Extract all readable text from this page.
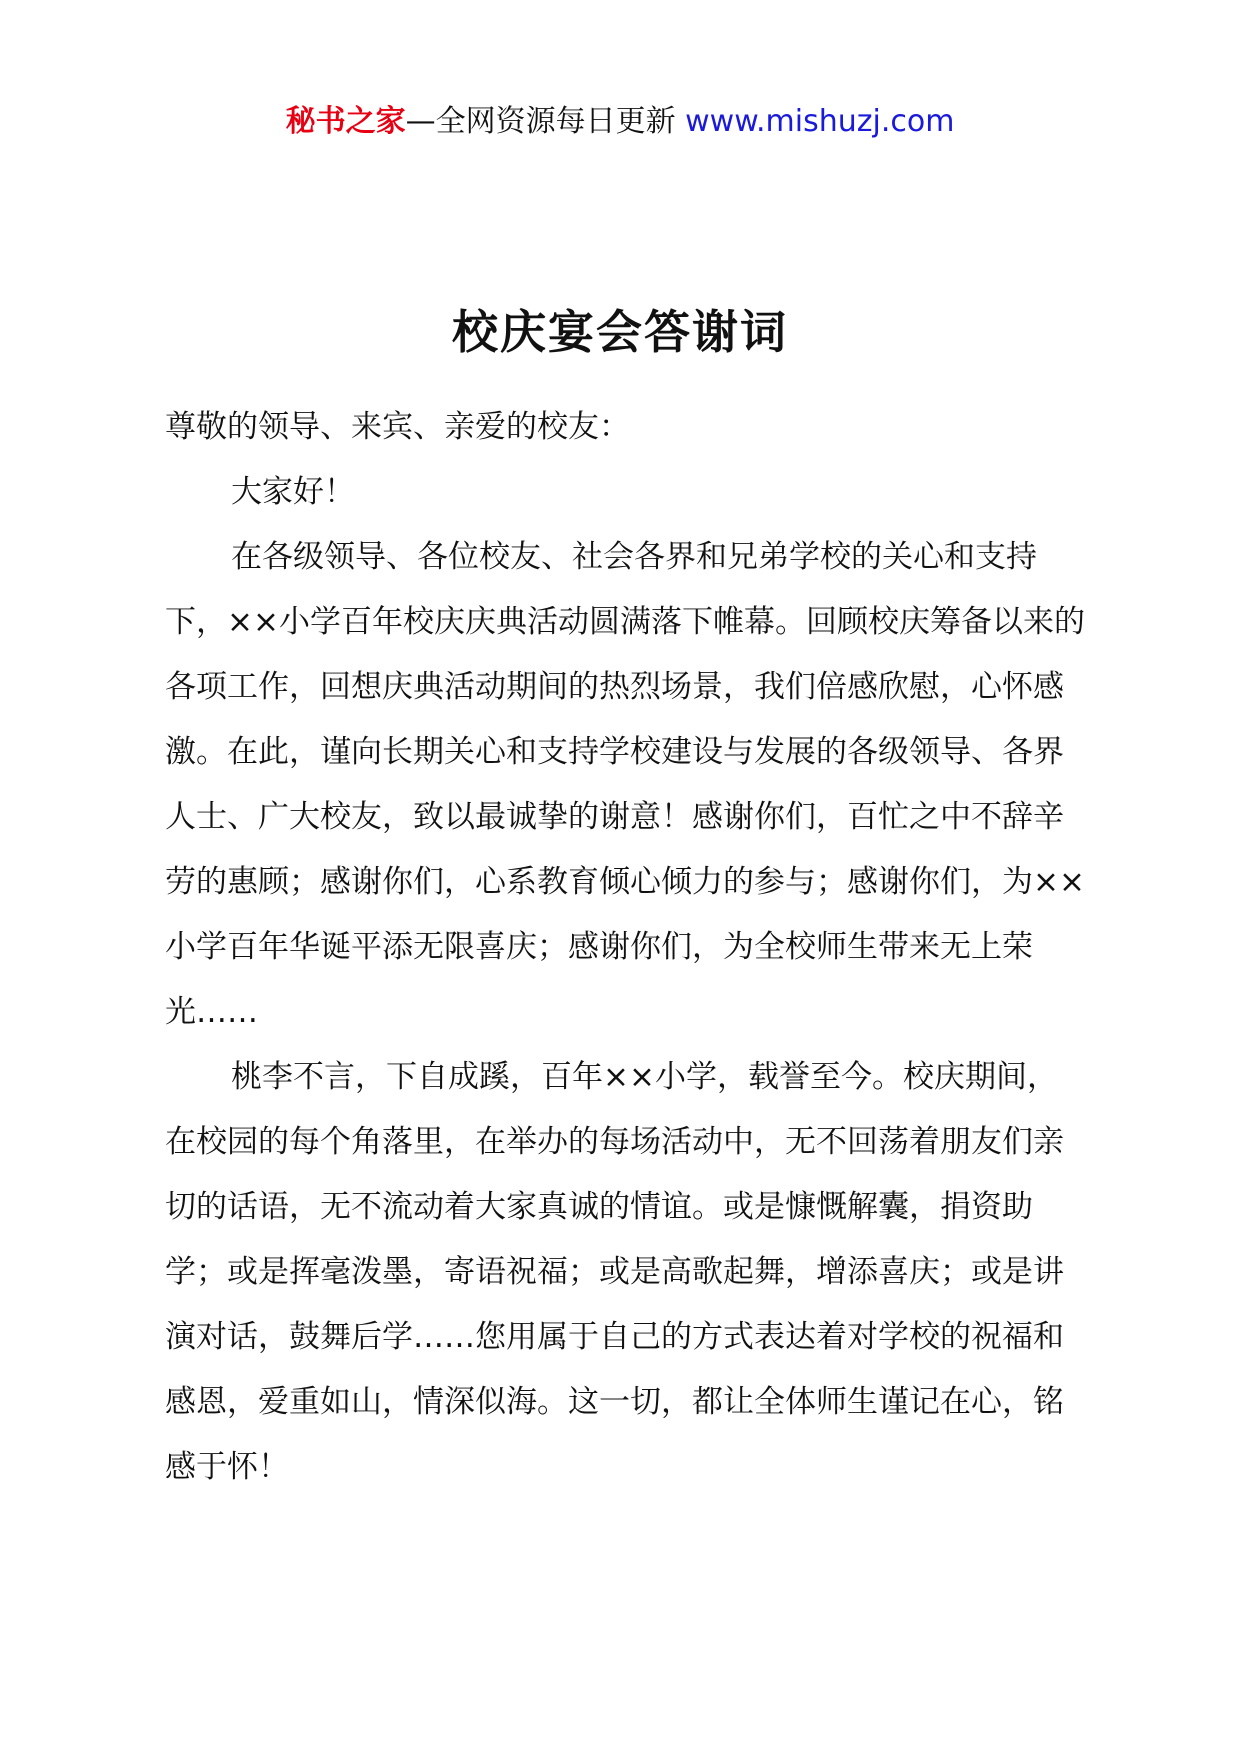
秘书之家—全网资源每日更新 www.mishuzj.com
校庆宴会答谢词

尊敬的领导、来宾、亲爱的校友：

大家好！

在各级领导、各位校友、社会各界和兄弟学校的关心和支持下，××小学百年校庆庆典活动圆满落下帷幕。回顾校庆筹备以来的各项工作，回想庆典活动期间的热烈场景，我们倍感欣慰，心怀感激。在此，谨向长期关心和支持学校建设与发展的各级领导、各界人士、广大校友，致以最诚挚的谢意！感谢你们，百忙之中不辞辛劳的惠顾；感谢你们，心系教育倾心倾力的参与；感谢你们，为××小学百年华诞平添无限喜庆；感谢你们，为全校师生带来无上荣光……

桃李不言，下自成蹊，百年××小学，载誉至今。校庆期间，在校园的每个角落里，在举办的每场活动中，无不回荡着朋友们亲切的话语，无不流动着大家真诚的情谊。或是慷慨解囊，捐资助学；或是挥毫泼墨，寄语祝福；或是高歌起舞，增添喜庆；或是讲演对话，鼓舞后学……您用属于自己的方式表达着对学校的祝福和感恩，爱重如山，情深似海。这一切，都让全体师生谨记在心，铭感于怀！
